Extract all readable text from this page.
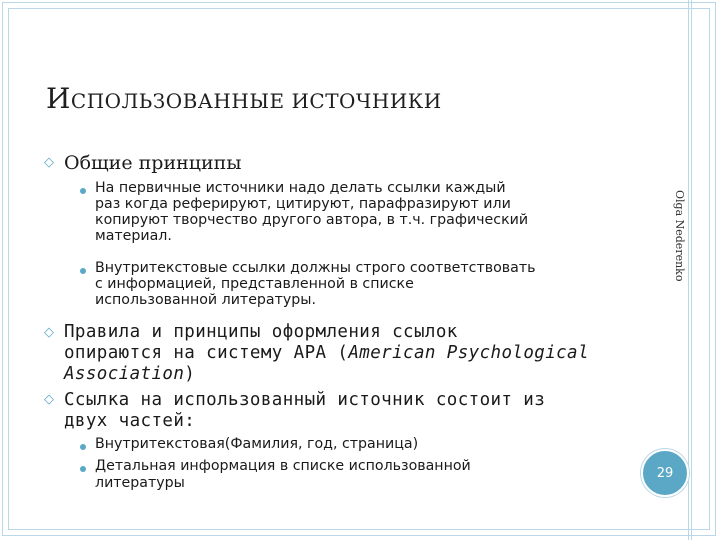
ИСПОЛЬЗОВАННЫЕ ИСТОЧНИКИ
◇ Общие принципы
На первичные источники надо делать ссылки каждый
раз когда реферируют, цитируют, парафразируют или
копируют творчество другого автора, в т.ч. графический
материал.
Внутритекстовые ссылки должны строго соответствовать
с информацией, представленной в списке
использованной литературы.
◇ Правила и принципы оформления ссылок
опираются на систему APA (American Psychological
Association)
◇ Ссылка на использованный источник состоит из
двух частей:
Внутритекстовая(Фамилия, год, страница)
Детальная информация в списке использованной
литературы
Olga Nederenko
29
